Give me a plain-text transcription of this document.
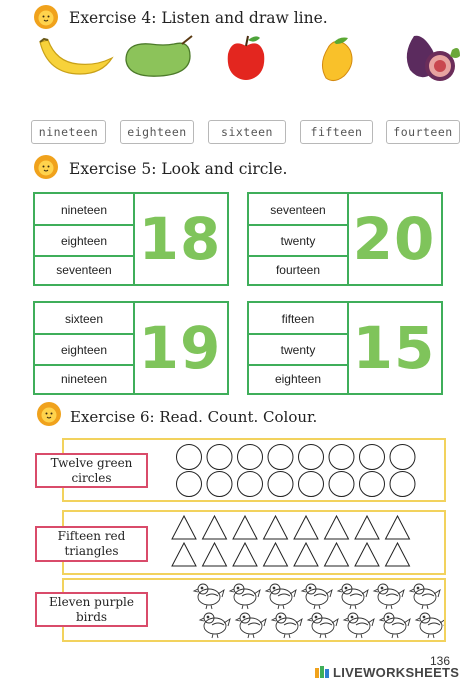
Exercise 4: Listen and draw line.
nineteen	eighteen	sixteen	fifteen	fourteen
Exercise 5: Look and circle.
nineteen
eighteen
seventeen 18	seventeen
twenty
fourteen 20
sixteen
eighteen
nineteen 19	fifteen
twenty
eighteen 15
Exercise 6: Read. Count. Colour.
Twelve green
circles
Fifteen red
triangles
Eleven purple
birds
136
LIVEWORKSHEETS
